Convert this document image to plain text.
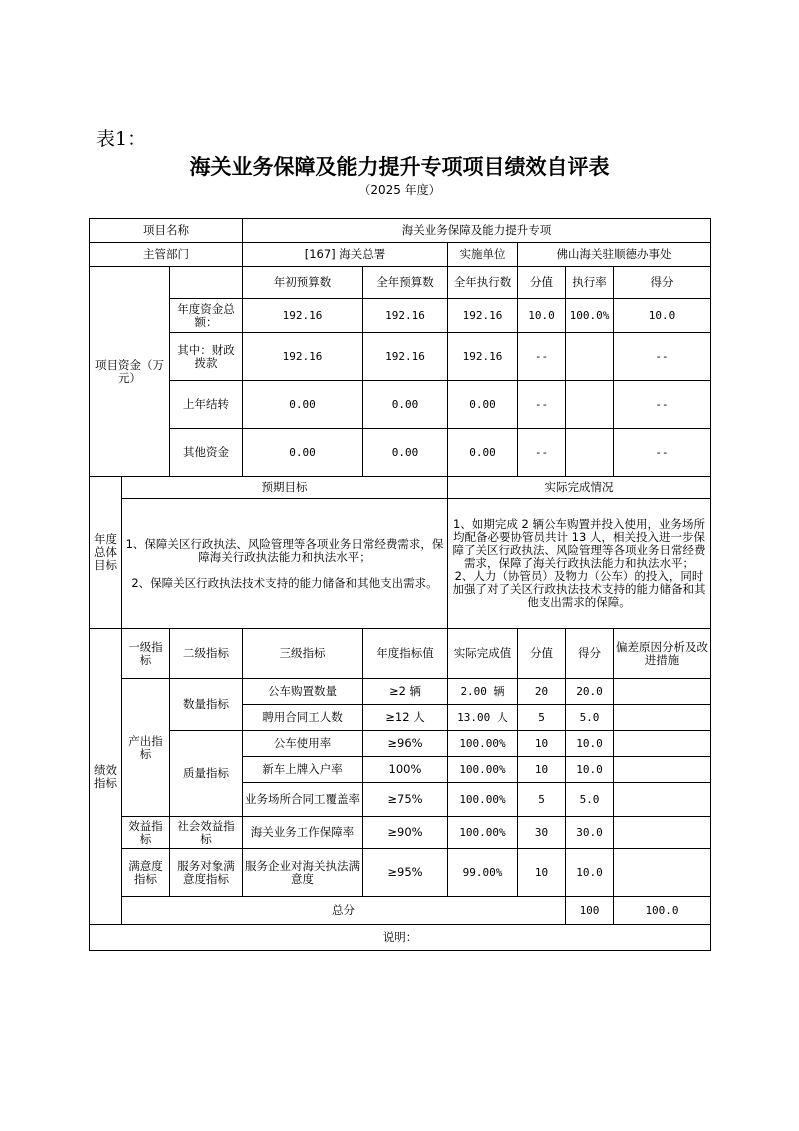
表1：
海关业务保障及能力提升专项项目绩效自评表
（2025 年度）
项目名称			海关业务保障及能力提升专项						
主管部门			[167] 海关总署		实施单位	佛山海关驻顺德办事处			
项目资金（万元）			年初预算数	全年预算数	全年执行数	分值	执行率	得分	
		年度资金总额：	192.16	192.16	192.16	10.0	100.0%	10.0	
		其中：财政拨款	192.16	192.16	192.16	--		--	
		上年结转	0.00	0.00	0.00	--		--	
		其他资金	0.00	0.00	0.00	--		--	
年度总体目标	预期目标				实际完成情况				
	1、保障关区行政执法、风险管理等各项业务日常经费需求，保障海关行政执法能力和执法水平；

2、保障关区行政执法技术支持的能力储备和其他支出需求。				1、如期完成 2 辆公车购置并投入使用，业务场所均配备必要协管员共计 13 人，相关投入进一步保障了关区行政执法、风险管理等各项业务日常经费需求，保障了海关行政执法能力和执法水平；
2、人力（协管员）及物力（公车）的投入，同时加强了对了关区行政执法技术支持的能力储备和其他支出需求的保障。				
绩效指标	一级指标	二级指标	三级指标	年度指标值	实际完成值	分值	得分	偏差原因分析及改进措施	
	产出指标	数量指标	公车购置数量	≥2 辆	2.00 辆	20	20.0		
			聘用合同工人数	≥12 人	13.00 人	5	5.0		
		质量指标	公车使用率	≥96%	100.00%	10	10.0		
			新车上牌入户率	100%	100.00%	10	10.0		
			业务场所合同工覆盖率	≥75%	100.00%	5	5.0		
	效益指标	社会效益指标	海关业务工作保障率	≥90%	100.00%	30	30.0		
	满意度指标	服务对象满意度指标	服务企业对海关执法满意度	≥95%	99.00%	10	10.0		
	总分						100	100.0	
说明：									
